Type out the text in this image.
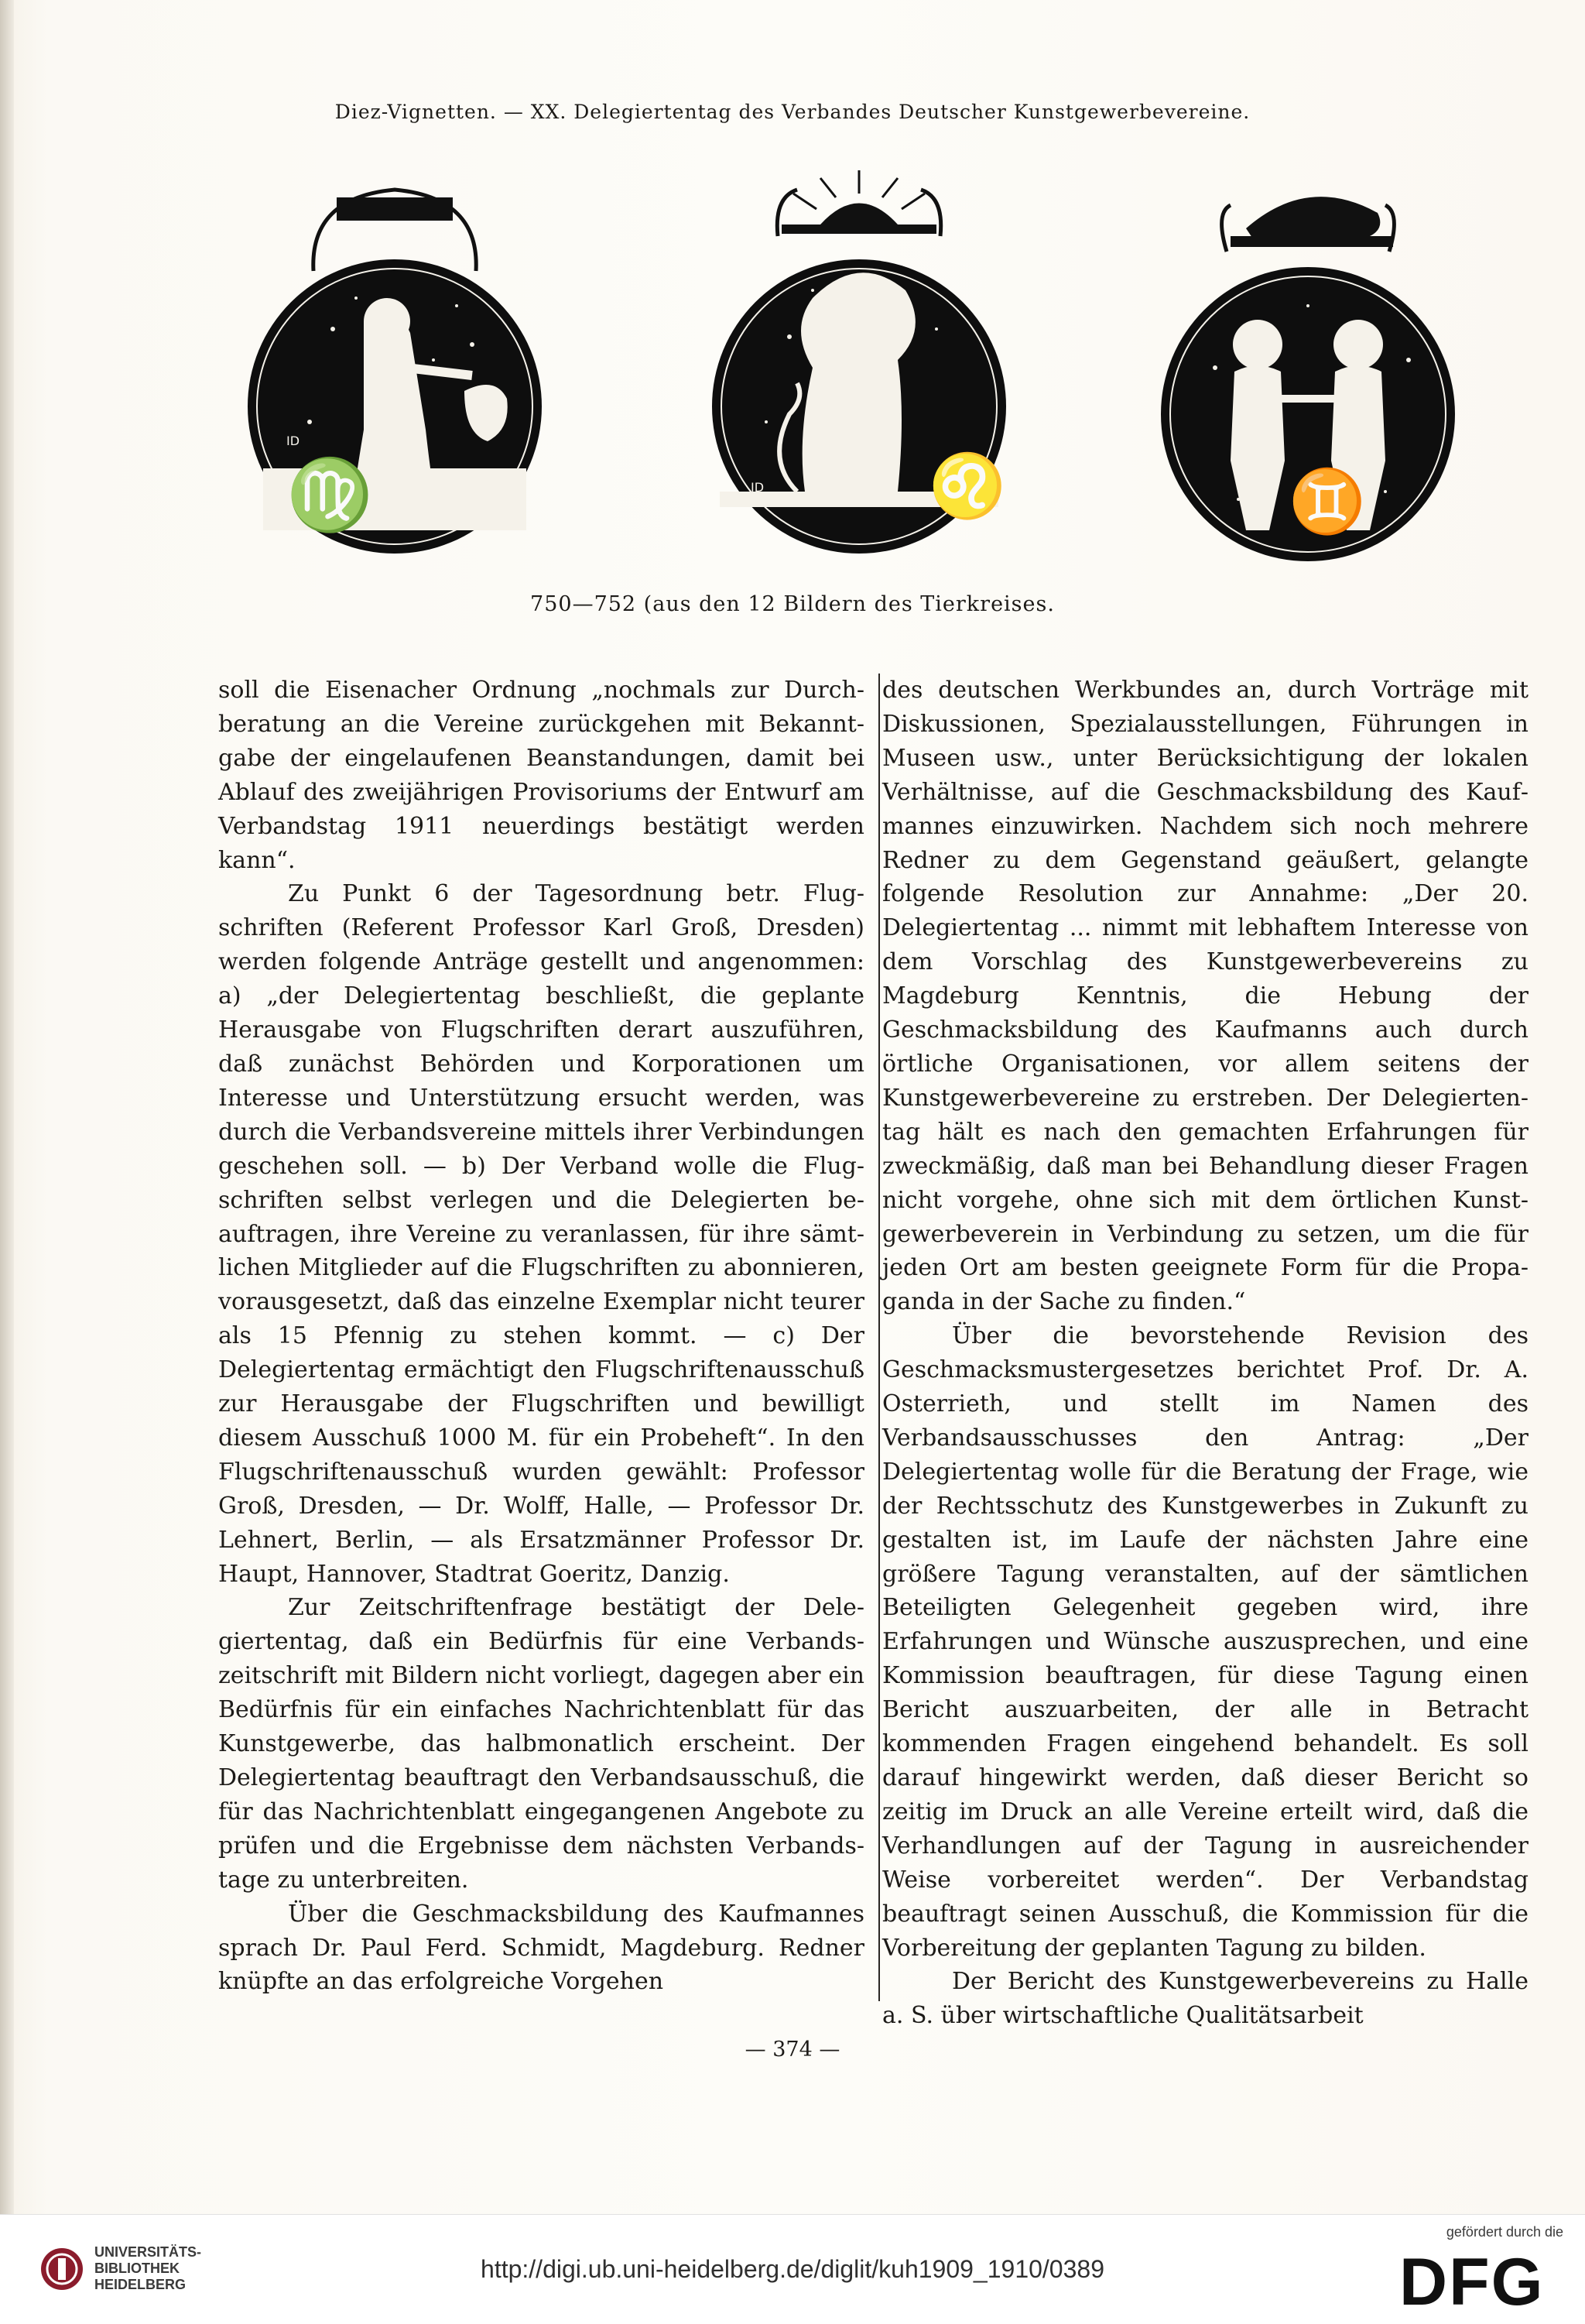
Diez-Vignetten. — XX. Delegiertentag des Verbandes Deutscher Kunstgewerbevereine.
♍
ID
♌
ID	♊
750—752 (aus den 12 Bildern des Tierkreises.

soll die Eisenacher Ordnung „nochmals zur Durchberatung an die Vereine zurückgehen mit Bekanntgabe der eingelaufenen Beanstandungen, damit bei Ablauf des zweijährigen Provisoriums der Entwurf am Verbandstag 1911 neuerdings bestätigt werden kann“.

Zu Punkt 6 der Tagesordnung betr. Flugschriften (Referent Professor Karl Groß, Dresden) werden folgende Anträge gestellt und angenommen: a) „der Delegiertentag beschließt, die geplante Herausgabe von Flugschriften derart auszuführen, daß zunächst Behörden und Korporationen um Interesse und Unterstützung ersucht werden, was durch die Verbandsvereine mittels ihrer Verbindungen geschehen soll. — b) Der Verband wolle die Flugschriften selbst verlegen und die Delegierten beauftragen, ihre Vereine zu veranlassen, für ihre sämtlichen Mitglieder auf die Flugschriften zu abonnieren, vorausgesetzt, daß das einzelne Exemplar nicht teurer als 15 Pfennig zu stehen kommt. — c) Der Delegiertentag ermächtigt den Flugschriftenausschuß zur Herausgabe der Flugschriften und bewilligt diesem Ausschuß 1000 M. für ein Probeheft“. In den Flugschriftenausschuß wurden gewählt: Professor Groß, Dresden, — Dr. Wolff, Halle, — Professor Dr. Lehnert, Berlin, — als Ersatzmänner Professor Dr. Haupt, Hannover, Stadtrat Goeritz, Danzig.

Zur Zeitschriftenfrage bestätigt der Delegiertentag, daß ein Bedürfnis für eine Verbandszeitschrift mit Bildern nicht vorliegt, dagegen aber ein Bedürfnis für ein einfaches Nachrichtenblatt für das Kunstgewerbe, das halbmonatlich erscheint. Der Delegiertentag beauftragt den Verbandsausschuß, die für das Nachrichtenblatt eingegangenen Angebote zu prüfen und die Ergebnisse dem nächsten Verbandstage zu unterbreiten.

Über die Geschmacksbildung des Kaufmannes sprach Dr. Paul Ferd. Schmidt, Magdeburg. Redner knüpfte an das erfolgreiche Vorgehen

des deutschen Werkbundes an, durch Vorträge mit Diskussionen, Spezialausstellungen, Führungen in Museen usw., unter Berücksichtigung der lokalen Verhältnisse, auf die Geschmacksbildung des Kaufmannes einzuwirken. Nachdem sich noch mehrere Redner zu dem Gegenstand geäußert, gelangte folgende Resolution zur Annahme: „Der 20. Delegiertentag ... nimmt mit lebhaftem Interesse von dem Vorschlag des Kunstgewerbevereins zu Magdeburg Kenntnis, die Hebung der Geschmacksbildung des Kaufmanns auch durch örtliche Organisationen, vor allem seitens der Kunstgewerbevereine zu erstreben. Der Delegiertentag hält es nach den gemachten Erfahrungen für zweckmäßig, daß man bei Behandlung dieser Fragen nicht vorgehe, ohne sich mit dem örtlichen Kunstgewerbeverein in Verbindung zu setzen, um die für jeden Ort am besten geeignete Form für die Propaganda in der Sache zu finden.“

Über die bevorstehende Revision des Geschmacksmustergesetzes berichtet Prof. Dr. A. Osterrieth, und stellt im Namen des Verbandsausschusses den Antrag: „Der Delegiertentag wolle für die Beratung der Frage, wie der Rechtsschutz des Kunstgewerbes in Zukunft zu gestalten ist, im Laufe der nächsten Jahre eine größere Tagung veranstalten, auf der sämtlichen Beteiligten Gelegenheit gegeben wird, ihre Erfahrungen und Wünsche auszusprechen, und eine Kommission beauftragen, für diese Tagung einen Bericht auszuarbeiten, der alle in Betracht kommenden Fragen eingehend behandelt. Es soll darauf hingewirkt werden, daß dieser Bericht so zeitig im Druck an alle Vereine erteilt wird, daß die Verhandlungen auf der Tagung in ausreichender Weise vorbereitet werden“. Der Verbandstag beauftragt seinen Ausschuß, die Kommission für die Vorbereitung der geplanten Tagung zu bilden.

Der Bericht des Kunstgewerbevereins zu Halle a. S. über wirtschaftliche Qualitätsarbeit

— 374 —
UNIVERSITÄTS-
BIBLIOTHEK
HEIDELBERG
http://digi.ub.uni-heidelberg.de/diglit/kuh1909_1910/0389
gefördert durch die
DFG
